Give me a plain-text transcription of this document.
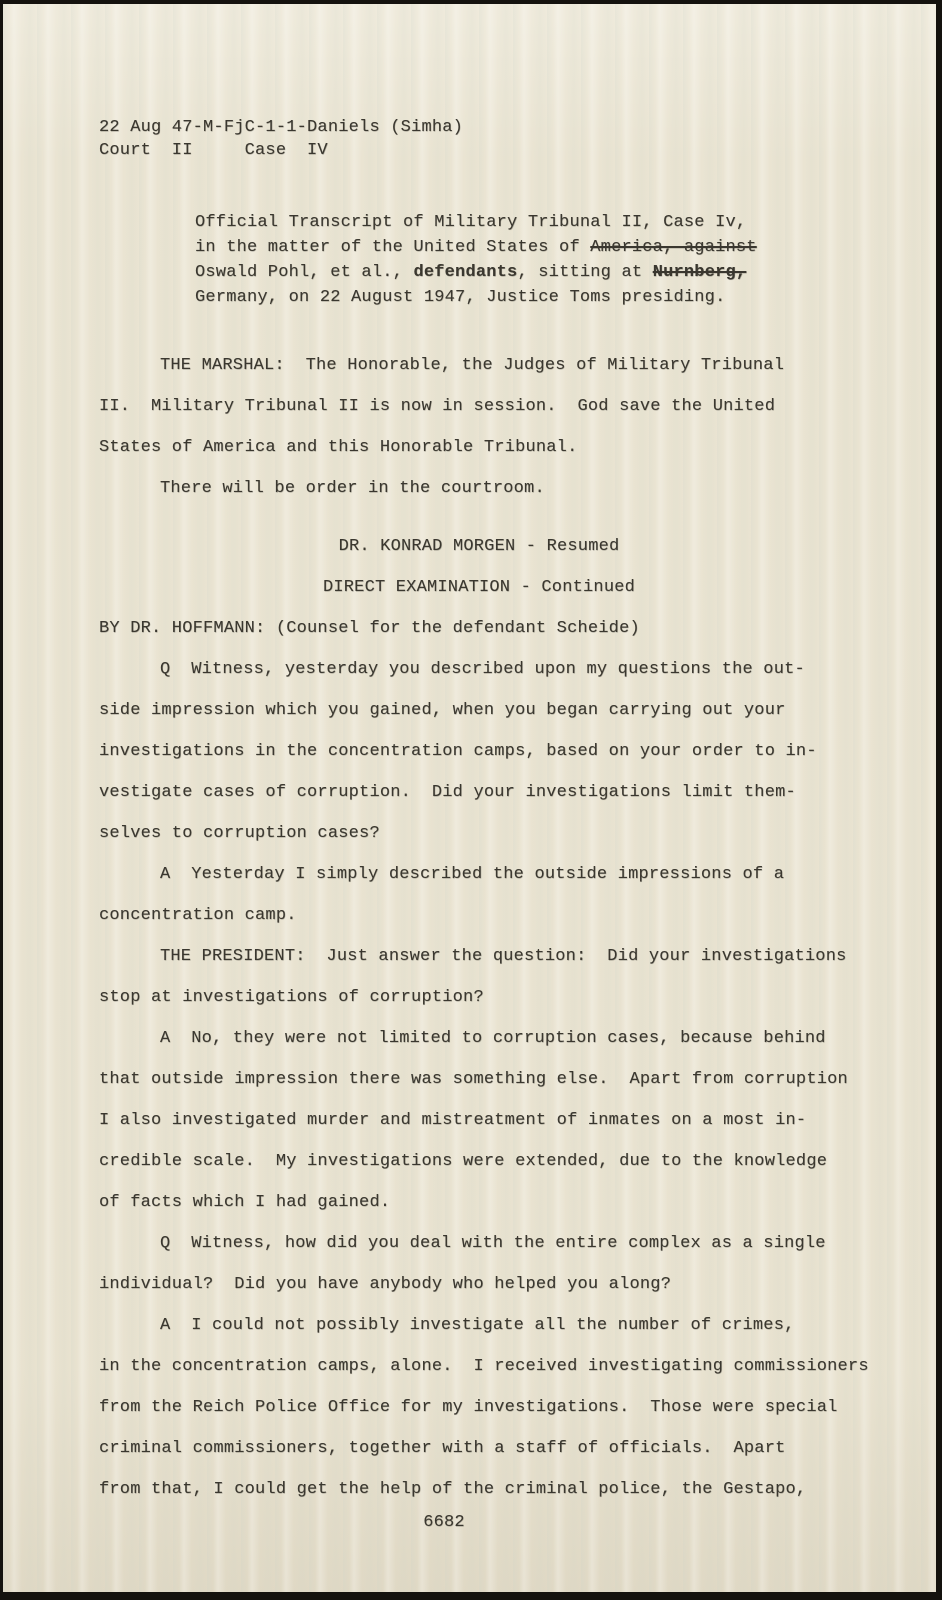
22 Aug 47-M-FjC-1-1-Daniels (Simha)
Court  II     Case  IV
Official Transcript of Military Tribunal II, Case Iv,
in the matter of the United States of America, against
Oswald Pohl, et al., defendants, sitting at Nurnberg,
Germany, on 22 August 1947, Justice Toms presiding.
THE MARSHAL:  The Honorable, the Judges of Military Tribunal
II.  Military Tribunal II is now in session.  God save the United
States of America and this Honorable Tribunal.
There will be order in the courtroom.
DR. KONRAD MORGEN - Resumed
DIRECT EXAMINATION - Continued
BY DR. HOFFMANN: (Counsel for the defendant Scheide)
Q  Witness, yesterday you described upon my questions the out-
side impression which you gained, when you began carrying out your
investigations in the concentration camps, based on your order to in-
vestigate cases of corruption.  Did your investigations limit them-
selves to corruption cases?
A  Yesterday I simply described the outside impressions of a
concentration camp.
THE PRESIDENT:  Just answer the question:  Did your investigations
stop at investigations of corruption?
A  No, they were not limited to corruption cases, because behind
that outside impression there was something else.  Apart from corruption
I also investigated murder and mistreatment of inmates on a most in-
credible scale.  My investigations were extended, due to the knowledge
of facts which I had gained.
Q  Witness, how did you deal with the entire complex as a single
individual?  Did you have anybody who helped you along?
A  I could not possibly investigate all the number of crimes,
in the concentration camps, alone.  I received investigating commissioners
from the Reich Police Office for my investigations.  Those were special
criminal commissioners, together with a staff of officials.  Apart
from that, I could get the help of the criminal police, the Gestapo,
6682
